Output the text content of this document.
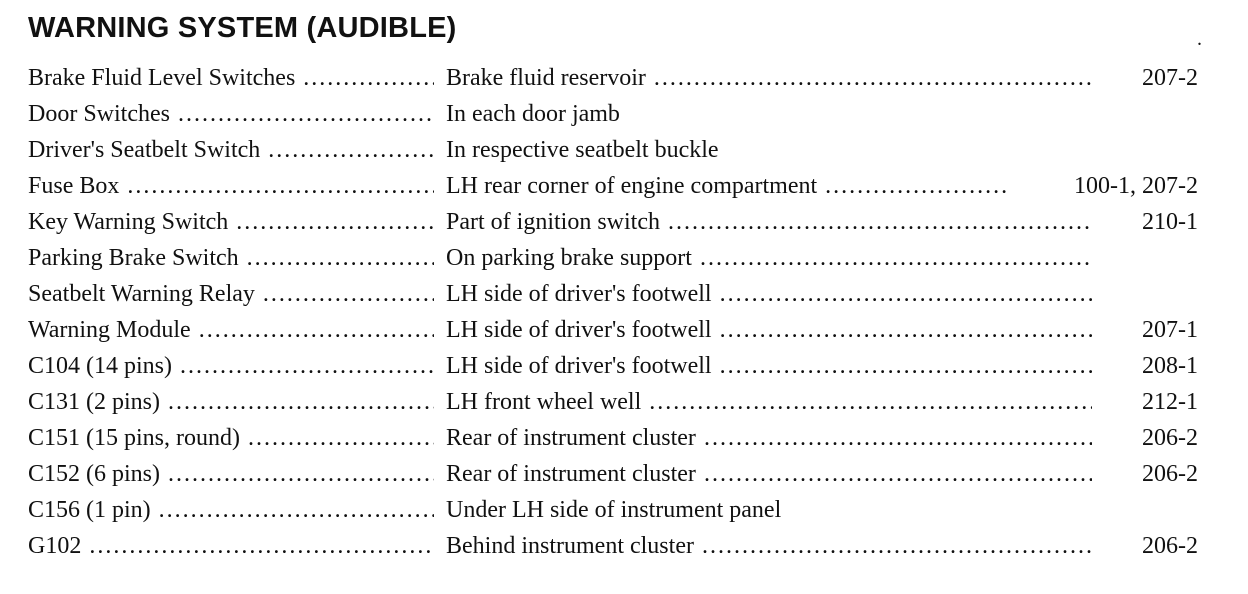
WARNING SYSTEM (AUDIBLE)
Brake Fluid Level Switches .....	Brake fluid reservoir .....	207-2
Door Switches .....	In each door jamb
Driver's Seatbelt Switch .....	In respective seatbelt buckle
Fuse Box .....	LH rear corner of engine compartment .....	100-1, 207-2
Key Warning Switch .....	Part of ignition switch .....	210-1
Parking Brake Switch .....	On parking brake support .....
Seatbelt Warning Relay .....	LH side of driver's footwell .....
Warning Module .....	LH side of driver's footwell .....	207-1
C104 (14 pins) .....	LH side of driver's footwell .....	208-1
C131 (2 pins) .....	LH front wheel well .....	212-1
C151 (15 pins, round) .....	Rear of instrument cluster .....	206-2
C152 (6 pins) .....	Rear of instrument cluster .....	206-2
C156 (1 pin) .....	Under LH side of instrument panel
G102 .....	Behind instrument cluster .....	206-2
.
